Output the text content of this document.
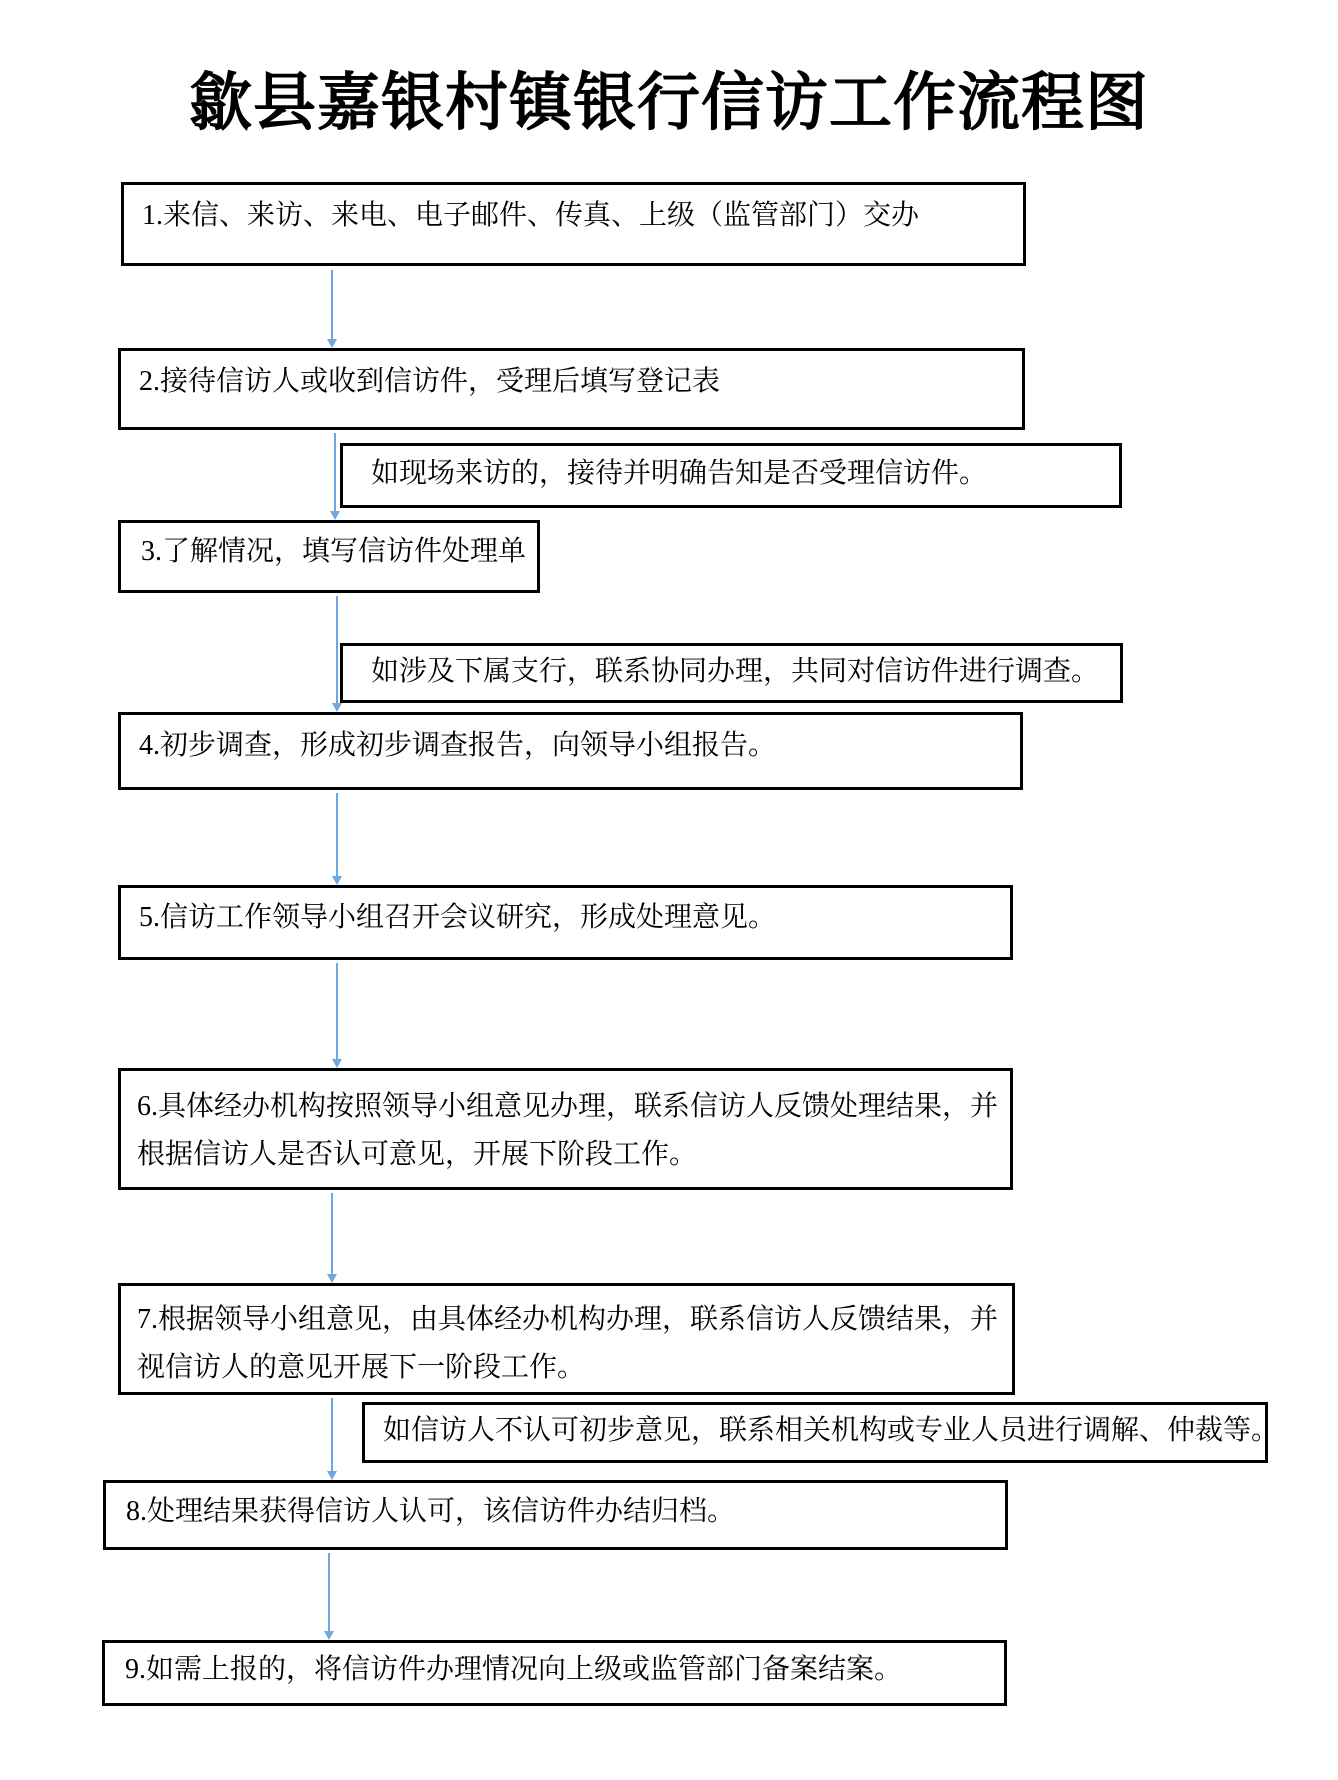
歙县嘉银村镇银行信访工作流程图
1.来信、来访、来电、电子邮件、传真、上级（监管部门）交办
2.接待信访人或收到信访件，受理后填写登记表
如现场来访的，接待并明确告知是否受理信访件。
3.了解情况，填写信访件处理单
如涉及下属支行，联系协同办理，共同对信访件进行调查。
4.初步调查，形成初步调查报告，向领导小组报告。
5.信访工作领导小组召开会议研究，形成处理意见。
6.具体经办机构按照领导小组意见办理，联系信访人反馈处理结果，并
根据信访人是否认可意见，开展下阶段工作。
7.根据领导小组意见，由具体经办机构办理，联系信访人反馈结果，并
视信访人的意见开展下一阶段工作。
如信访人不认可初步意见，联系相关机构或专业人员进行调解、仲裁等。
8.处理结果获得信访人认可，该信访件办结归档。
9.如需上报的，将信访件办理情况向上级或监管部门备案结案。
